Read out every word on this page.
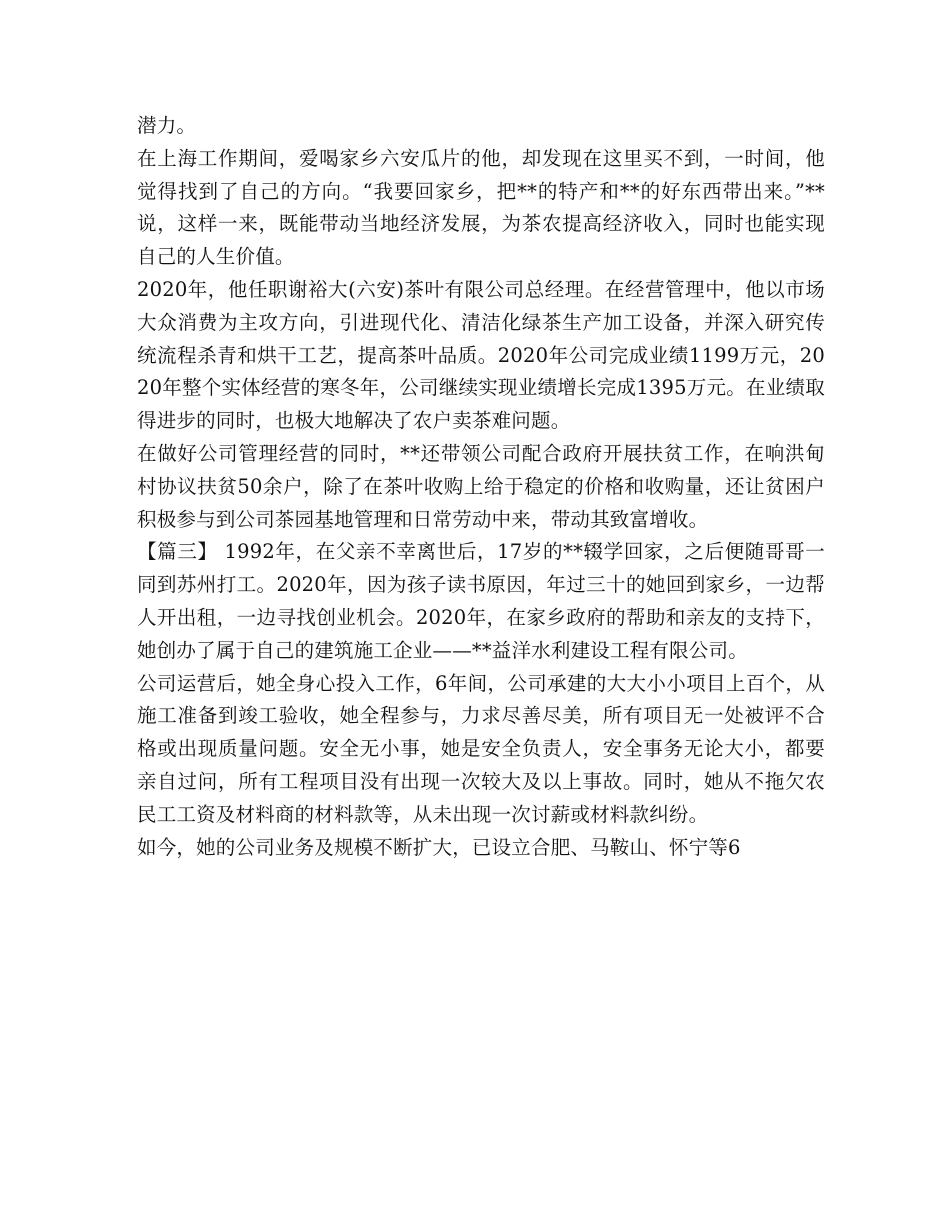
潜力。

在上海工作期间，爱喝家乡六安瓜片的他，却发现在这里买不到，一时间，他觉得找到了自己的方向。“我要回家乡，把**的特产和**的好东西带出来。”**说，这样一来，既能带动当地经济发展，为茶农提高经济收入，同时也能实现自己的人生价值。

2020年，他任职谢裕大(六安)茶叶有限公司总经理。在经营管理中，他以市场大众消费为主攻方向，引进现代化、清洁化绿茶生产加工设备，并深入研究传统流程杀青和烘干工艺，提高茶叶品质。2020年公司完成业绩1199万元，2020年整个实体经营的寒冬年，公司继续实现业绩增长完成1395万元。在业绩取得进步的同时，也极大地解决了农户卖茶难问题。

在做好公司管理经营的同时，**还带领公司配合政府开展扶贫工作，在响洪甸村协议扶贫50余户，除了在茶叶收购上给于稳定的价格和收购量，还让贫困户积极参与到公司茶园基地管理和日常劳动中来，带动其致富增收。

【篇三】 1992年，在父亲不幸离世后，17岁的**辍学回家，之后便随哥哥一同到苏州打工。2020年，因为孩子读书原因，年过三十的她回到家乡，一边帮人开出租，一边寻找创业机会。2020年，在家乡政府的帮助和亲友的支持下，她创办了属于自己的建筑施工企业——**益洋水利建设工程有限公司。

公司运营后，她全身心投入工作，6年间，公司承建的大大小小项目上百个，从施工准备到竣工验收，她全程参与，力求尽善尽美，所有项目无一处被评不合格或出现质量问题。安全无小事，她是安全负责人，安全事务无论大小，都要亲自过问，所有工程项目没有出现一次较大及以上事故。同时，她从不拖欠农民工工资及材料商的材料款等，从未出现一次讨薪或材料款纠纷。

如今，她的公司业务及规模不断扩大，已设立合肥、马鞍山、怀宁等6
